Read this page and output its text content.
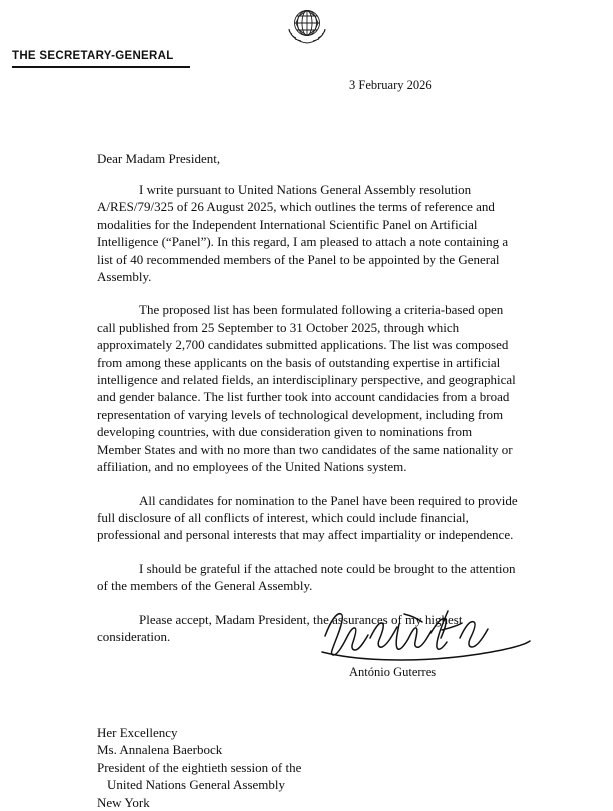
THE SECRETARY-GENERAL
3 February 2026
Dear Madam President,

I write pursuant to United Nations General Assembly resolution A/RES/79/325 of 26 August 2025, which outlines the terms of reference and modalities for the Independent International Scientific Panel on Artificial Intelligence (“Panel”). In this regard, I am pleased to attach a note containing a list of 40 recommended members of the Panel to be appointed by the General Assembly.

The proposed list has been formulated following a criteria-based open call published from 25 September to 31 October 2025, through which approximately 2,700 candidates submitted applications. The list was composed from among these applicants on the basis of outstanding expertise in artificial intelligence and related fields, an interdisciplinary perspective, and geographical and gender balance. The list further took into account candidacies from a broad representation of varying levels of technological development, including from developing countries, with due consideration given to nominations from Member States and with no more than two candidates of the same nationality or affiliation, and no employees of the United Nations system.

All candidates for nomination to the Panel have been required to provide full disclosure of all conflicts of interest, which could include financial, professional and personal interests that may affect impartiality or independence.

I should be grateful if the attached note could be brought to the attention of the members of the General Assembly.

Please accept, Madam President, the assurances of my highest consideration.

António Guterres
Her Excellency
Ms. Annalena Baerbock
President of the eightieth session of the
United Nations General Assembly
New York
